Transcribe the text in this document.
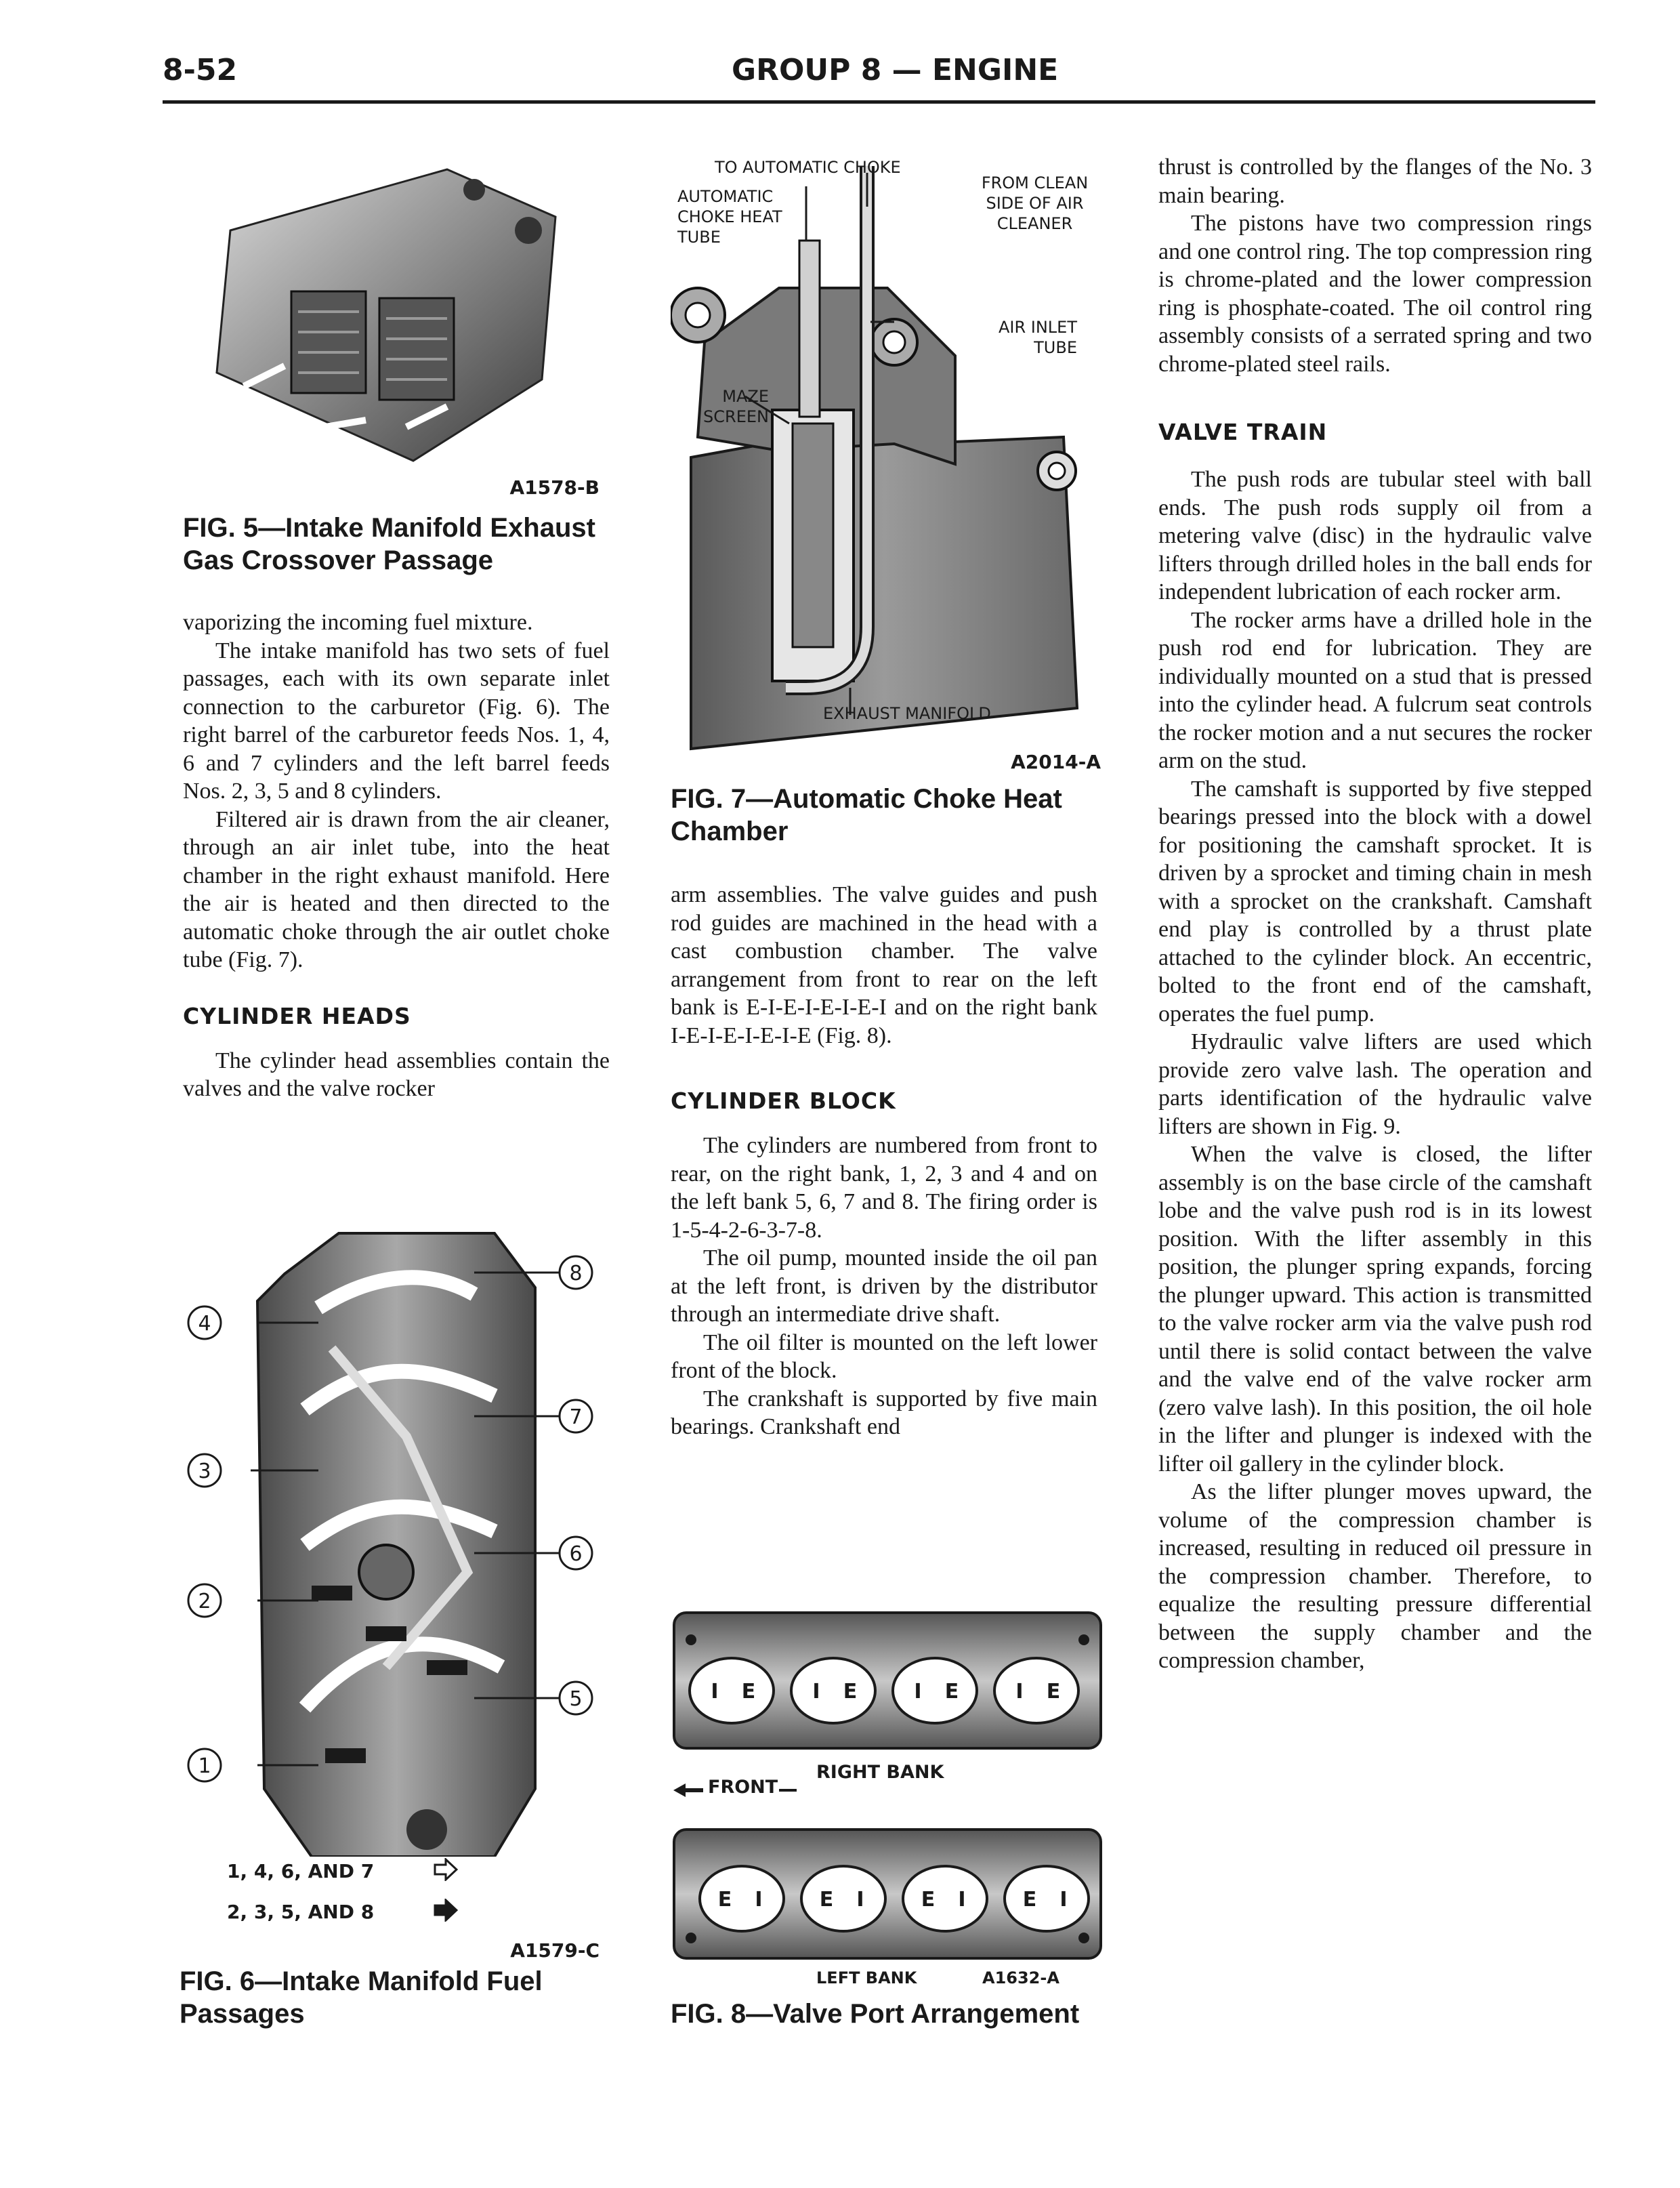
8-52	GROUP 8 — ENGINE
A1578-B
FIG. 5—Intake Manifold Exhaust Gas Crossover Passage

vaporizing the incoming fuel mixture.

The intake manifold has two sets of fuel passages, each with its own separate inlet connection to the carburetor (Fig. 6). The right barrel of the carburetor feeds Nos. 1, 4, 6 and 7 cylinders and the left barrel feeds Nos. 2, 3, 5 and 8 cylinders.

Filtered air is drawn from the air cleaner, through an air inlet tube, into the heat chamber in the right exhaust manifold. Here the air is heated and then directed to the automatic choke through the air outlet choke tube (Fig. 7).

CYLINDER HEADS

The cylinder head assemblies contain the valves and the valve rocker

8
4
7
3
6
2
5
1
1, 4, 6, AND 7
2, 3, 5, AND 8
A1579-C
FIG. 6—Intake Manifold Fuel Passages
TO AUTOMATIC CHOKE
AUTOMATIC CHOKE HEAT TUBE
FROM CLEAN SIDE OF AIR CLEANER
AIR INLET TUBE
MAZE SCREEN
EXHAUST MANIFOLD
A2014-A
FIG. 7—Automatic Choke Heat Chamber

arm assemblies. The valve guides and push rod guides are machined in the head with a cast combustion chamber. The valve arrangement from front to rear on the left bank is E-I-E-I-E-I-E-I and on the right bank I-E-I-E-I-E-I-E (Fig. 8).

CYLINDER BLOCK

The cylinders are numbered from front to rear, on the right bank, 1, 2, 3 and 4 and on the left bank 5, 6, 7 and 8. The firing order is 1-5-4-2-6-3-7-8.

The oil pump, mounted inside the oil pan at the left front, is driven by the distributor through an intermediate drive shaft.

The oil filter is mounted on the left lower front of the block.

The crankshaft is supported by five main bearings. Crankshaft end

I E	I E	I E	I E
E I	E I	E I	E I
RIGHT BANK
FRONT
LEFT BANK	A1632-A
FIG. 8—Valve Port Arrangement

thrust is controlled by the flanges of the No. 3 main bearing.

The pistons have two compression rings and one control ring. The top compression ring is chrome-plated and the lower compression ring is phosphate-coated. The oil control ring assembly consists of a serrated spring and two chrome-plated steel rails.

VALVE TRAIN

The push rods are tubular steel with ball ends. The push rods supply oil from a metering valve (disc) in the hydraulic valve lifters through drilled holes in the ball ends for independent lubrication of each rocker arm.

The rocker arms have a drilled hole in the push rod end for lubrication. They are individually mounted on a stud that is pressed into the cylinder head. A fulcrum seat controls the rocker motion and a nut secures the rocker arm on the stud.

The camshaft is supported by five stepped bearings pressed into the block with a dowel for positioning the camshaft sprocket. It is driven by a sprocket and timing chain in mesh with a sprocket on the crankshaft. Camshaft end play is controlled by a thrust plate attached to the cylinder block. An eccentric, bolted to the front end of the camshaft, operates the fuel pump.

Hydraulic valve lifters are used which provide zero valve lash. The operation and parts identification of the hydraulic valve lifters are shown in Fig. 9.

When the valve is closed, the lifter assembly is on the base circle of the camshaft lobe and the valve push rod is in its lowest position. With the lifter assembly in this position, the plunger spring expands, forcing the plunger upward. This action is transmitted to the valve rocker arm via the valve push rod until there is solid contact between the valve and the valve end of the valve rocker arm (zero valve lash). In this position, the oil hole in the lifter and plunger is indexed with the lifter oil gallery in the cylinder block.

As the lifter plunger moves upward, the volume of the compression chamber is increased, resulting in reduced oil pressure in the compression chamber. Therefore, to equalize the resulting pressure differential between the supply chamber and the compression chamber,
